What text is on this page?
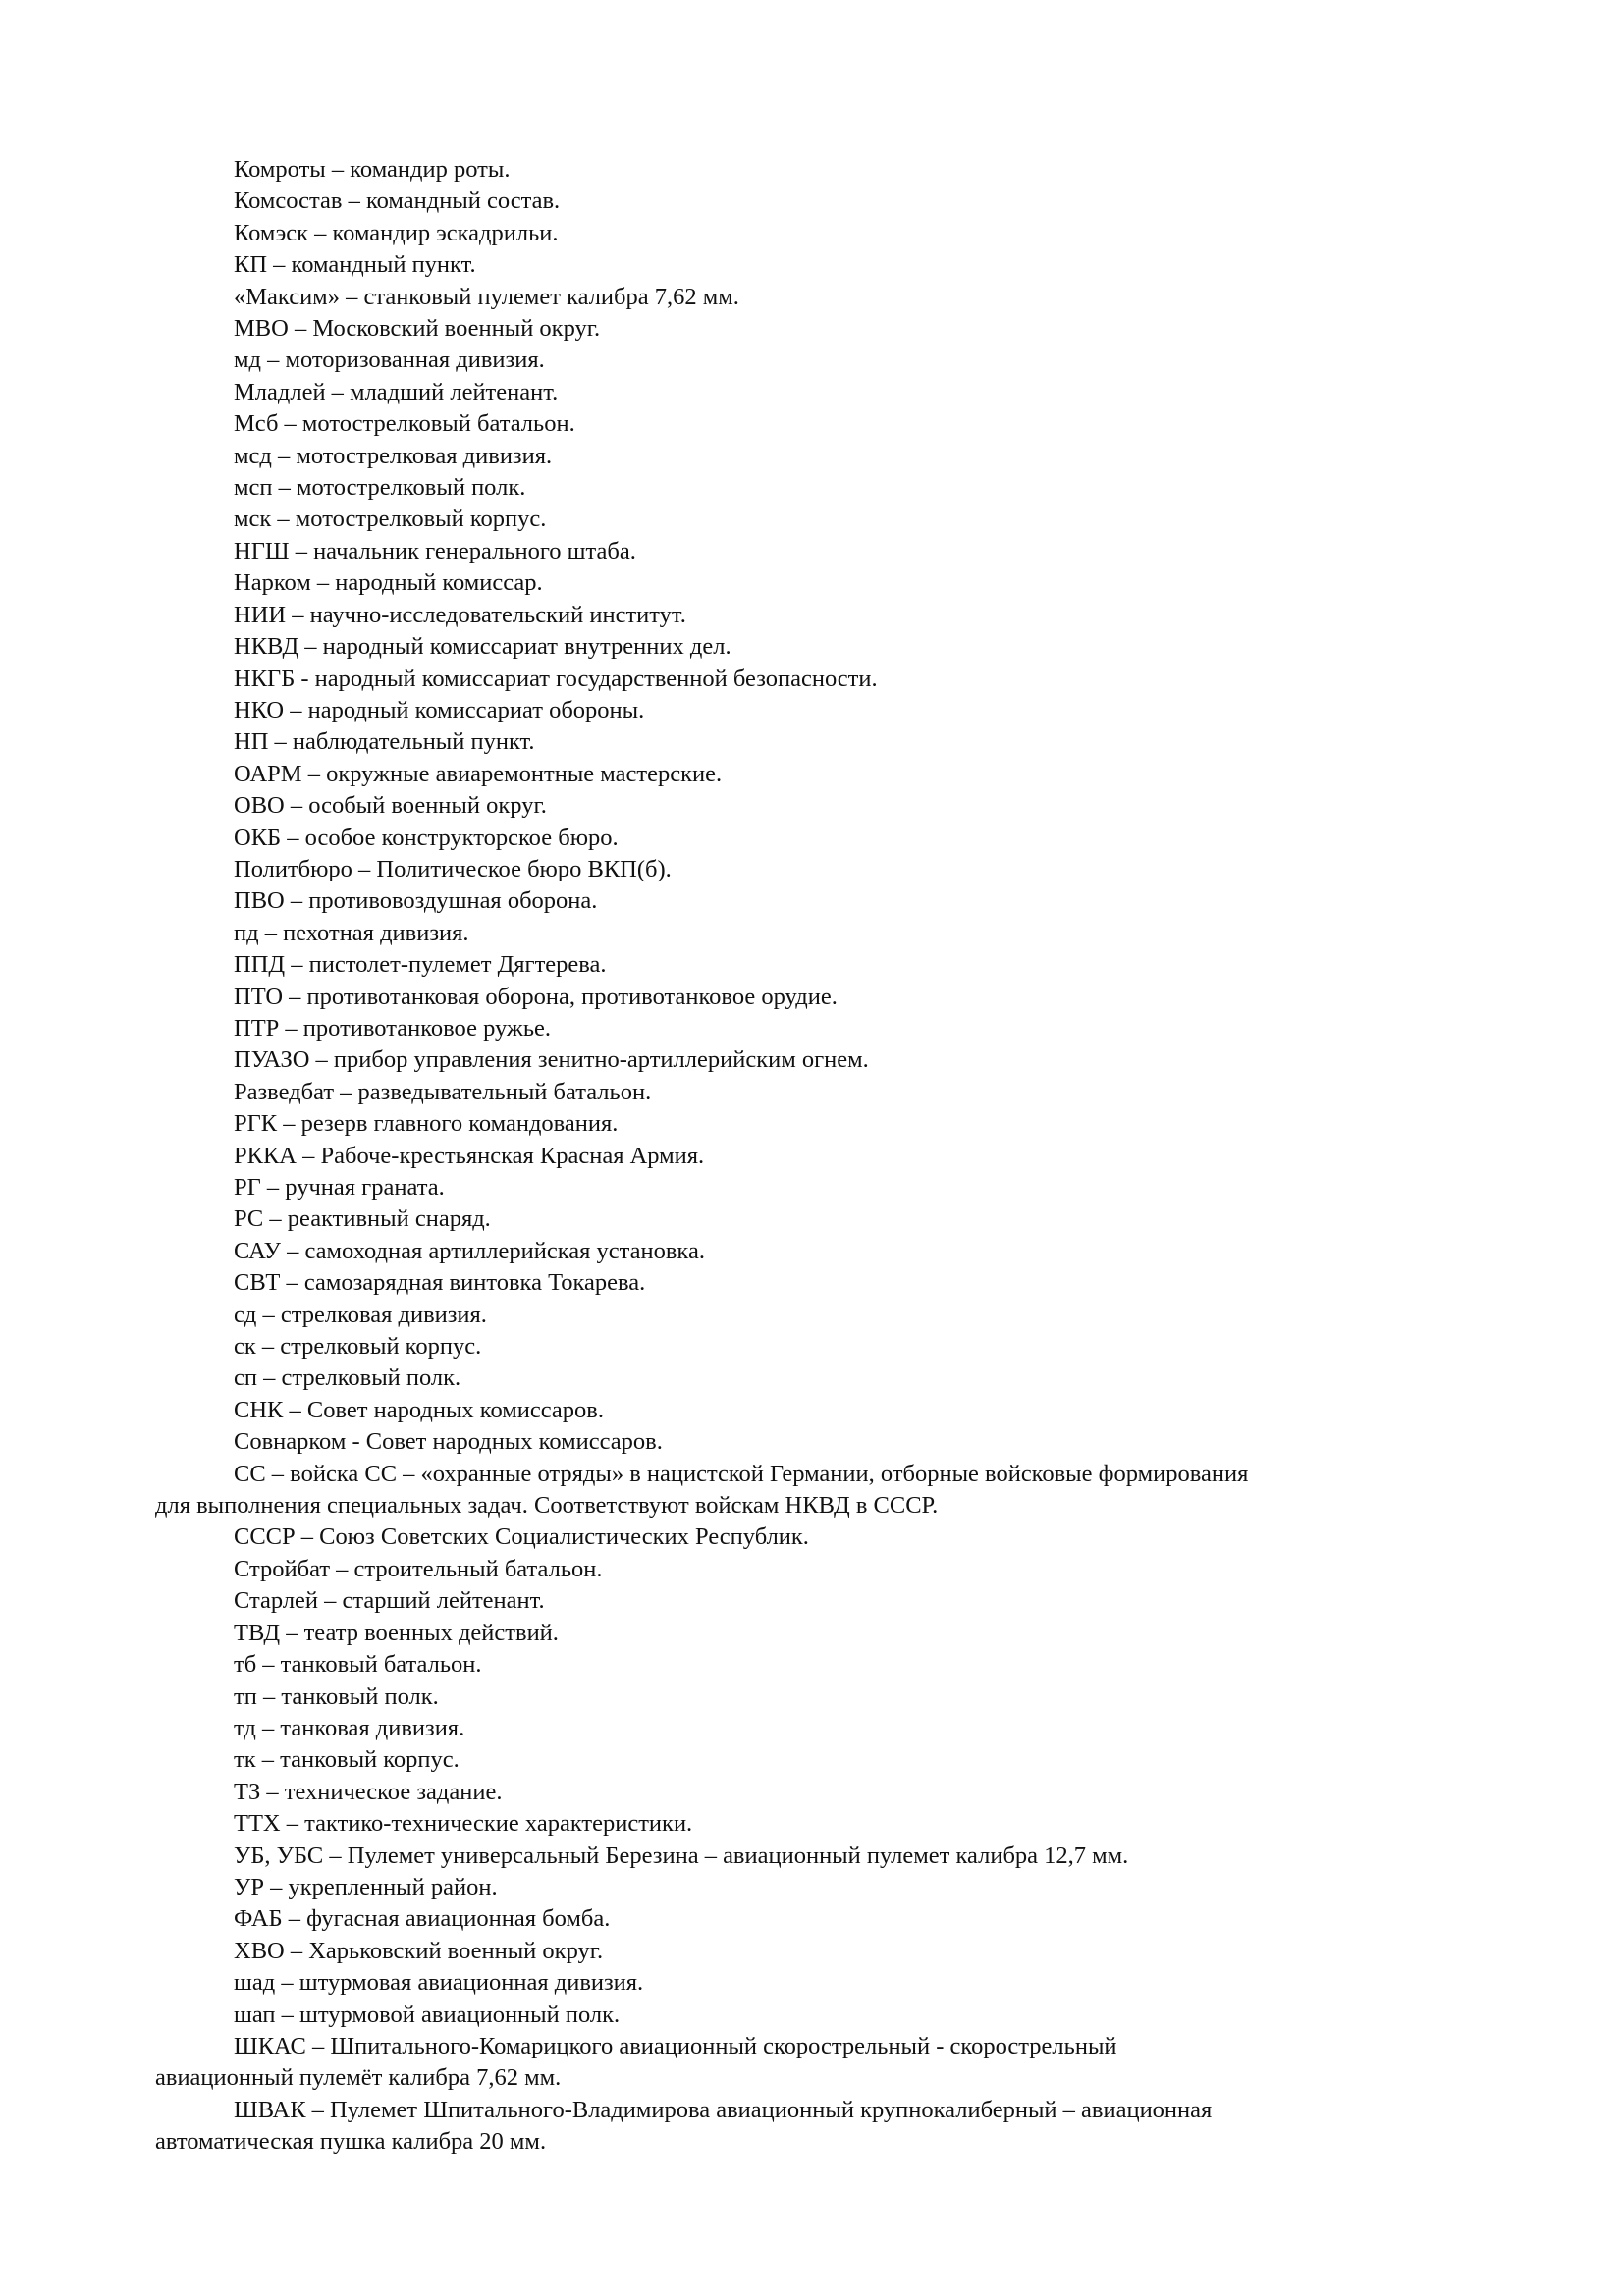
Комроты – командир роты.

Комсостав – командный состав.

Комэск – командир эскадрильи.

КП – командный пункт.

«Максим» – станковый пулемет калибра 7,62 мм.

МВО – Московский военный округ.

мд – моторизованная дивизия.

Младлей – младший лейтенант.

Мсб – мотострелковый батальон.

мсд – мотострелковая дивизия.

мсп – мотострелковый полк.

мск – мотострелковый корпус.

НГШ – начальник генерального штаба.

Нарком – народный комиссар.

НИИ – научно-исследовательский институт.

НКВД – народный комиссариат внутренних дел.

НКГБ - народный комиссариат государственной безопасности.

НКО – народный комиссариат обороны.

НП – наблюдательный пункт.

ОАРМ – окружные авиаремонтные мастерские.

ОВО – особый военный округ.

ОКБ – особое конструкторское бюро.

Политбюро – Политическое бюро ВКП(б).

ПВО – противовоздушная оборона.

пд – пехотная дивизия.

ППД – пистолет-пулемет Дягтерева.

ПТО – противотанковая оборона, противотанковое орудие.

ПТР – противотанковое ружье.

ПУАЗО – прибор управления зенитно-артиллерийским огнем.

Разведбат – разведывательный батальон.

РГК – резерв главного командования.

РККА – Рабоче-крестьянская Красная Армия.

РГ – ручная граната.

РС – реактивный снаряд.

САУ – самоходная артиллерийская установка.

СВТ – самозарядная винтовка Токарева.

сд – стрелковая дивизия.

ск – стрелковый корпус.

сп – стрелковый полк.

СНК – Совет народных комиссаров.

Совнарком - Совет народных комиссаров.

СС – войска СС – «охранные отряды» в нацистской Германии, отборные войсковые формирования
для выполнения специальных задач. Соответствуют войскам НКВД в СССР.

СССР – Союз Советских Социалистических Республик.

Стройбат – строительный батальон.

Старлей – старший лейтенант.

ТВД – театр военных действий.

тб – танковый батальон.

тп – танковый полк.

тд – танковая дивизия.

тк – танковый корпус.

ТЗ – техническое задание.

ТТХ – тактико-технические характеристики.

УБ, УБС – Пулемет универсальный Березина – авиационный пулемет калибра 12,7 мм.

УР – укрепленный район.

ФАБ – фугасная авиационная бомба.

ХВО – Харьковский военный округ.

шад – штурмовая авиационная дивизия.

шап – штурмовой авиационный полк.

ШКАС – Шпитального-Комарицкого авиационный скорострельный - скорострельный
авиационный пулемёт калибра 7,62 мм.

ШВАК – Пулемет Шпитального-Владимирова авиационный крупнокалиберный – авиационная
автоматическая пушка калибра 20 мм.
